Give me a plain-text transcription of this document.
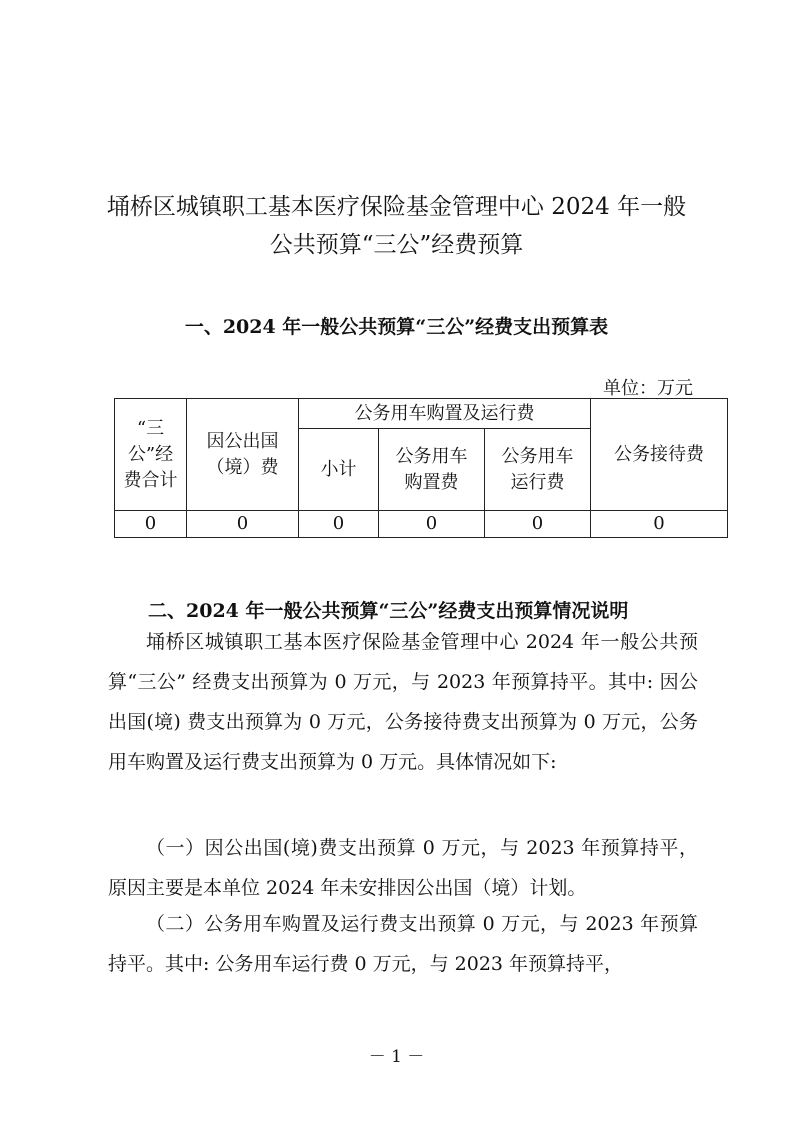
埇桥区城镇职工基本医疗保险基金管理中心 2024 年一般
公共预算“三公”经费预算
一、2024 年一般公共预算“三公”经费支出预算表
单位：万元
“三公”经费合计	因公出国（境）费	公务用车购置及运行费			公务接待费
		小计	公务用车购置费	公务用车运行费	
0	0	0	0	0	0
二、2024 年一般公共预算“三公”经费支出预算情况说明

埇桥区城镇职工基本医疗保险基金管理中心 2024 年一般公共预算“三公” 经费支出预算为 0 万元，与 2023 年预算持平。其中: 因公出国(境) 费支出预算为 0 万元，公务接待费支出预算为 0 万元，公务用车购置及运行费支出预算为 0 万元。具体情况如下:

（一）因公出国(境)费支出预算 0 万元，与 2023 年预算持平，原因主要是本单位 2024 年未安排因公出国（境）计划。

（二）公务用车购置及运行费支出预算 0 万元，与 2023 年预算持平。其中: 公务用车运行费 0 万元，与 2023 年预算持平，

－ 1 －
